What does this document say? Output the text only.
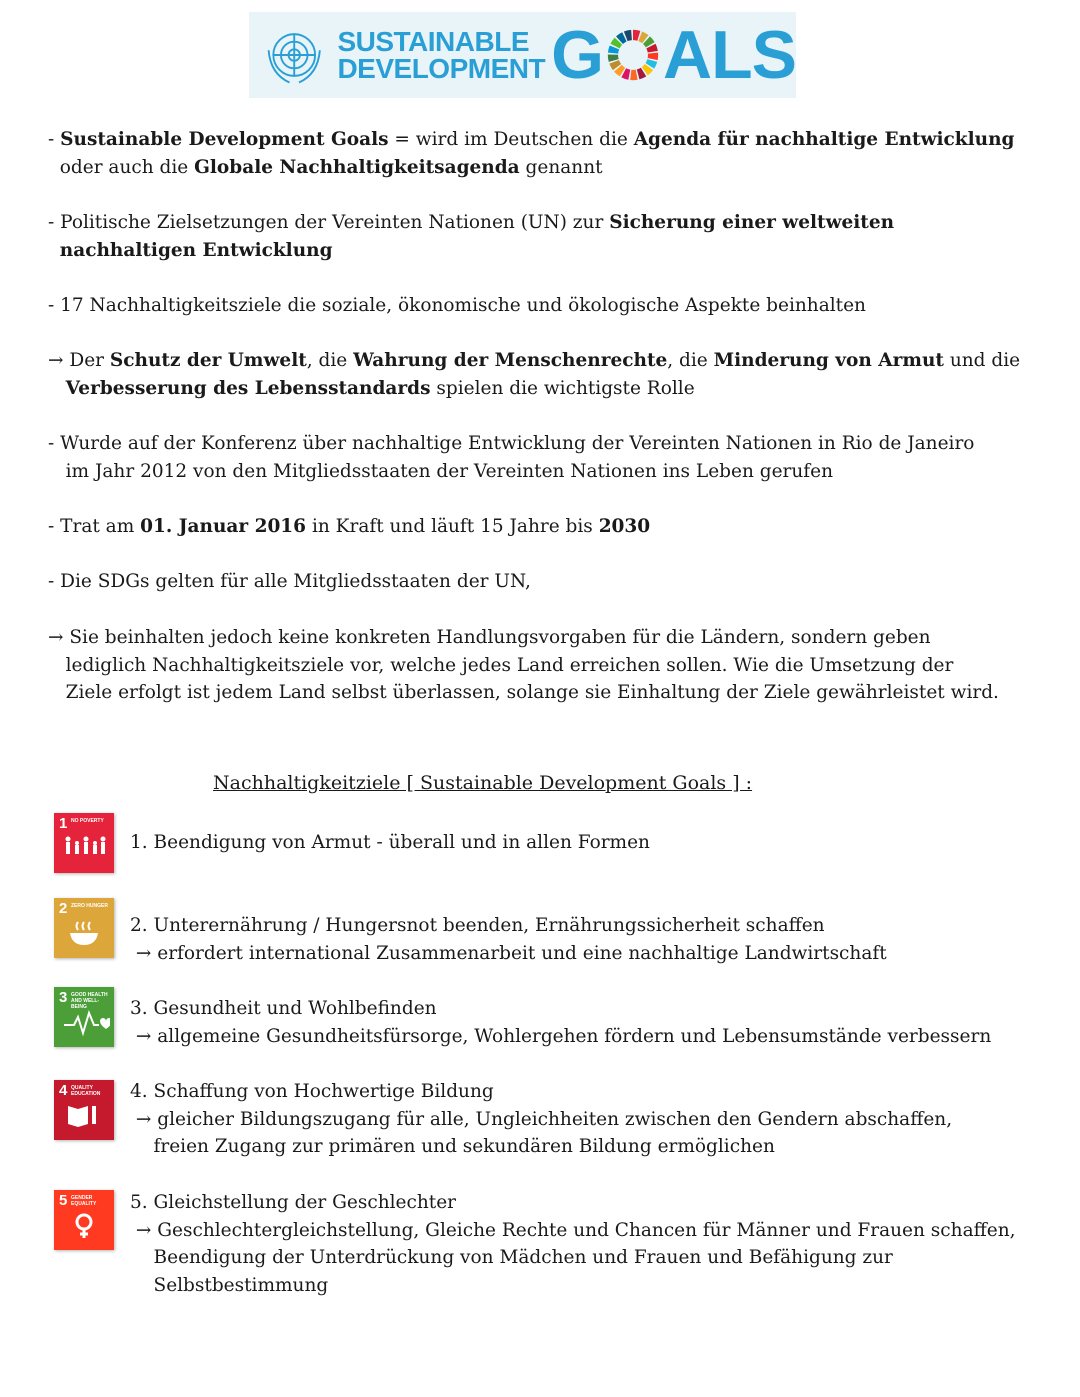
SUSTAINABLE
DEVELOPMENT G ALS
- Sustainable Development Goals = wird im Deutschen die Agenda für nachhaltige Entwicklung
oder auch die Globale Nachhaltigkeitsagenda genannt
- Politische Zielsetzungen der Vereinten Nationen (UN) zur Sicherung einer weltweiten
nachhaltigen Entwicklung
- 17 Nachhaltigkeitsziele die soziale, ökonomische und ökologische Aspekte beinhalten
→ Der Schutz der Umwelt, die Wahrung der Menschenrechte, die Minderung von Armut und die
Verbesserung des Lebensstandards spielen die wichtigste Rolle
- Wurde auf der Konferenz über nachhaltige Entwicklung der Vereinten Nationen in Rio de Janeiro
im Jahr 2012 von den Mitgliedsstaaten der Vereinten Nationen ins Leben gerufen
- Trat am 01. Januar 2016 in Kraft und läuft 15 Jahre bis 2030
- Die SDGs gelten für alle Mitgliedsstaaten der UN,
→ Sie beinhalten jedoch keine konkreten Handlungsvorgaben für die Ländern, sondern geben
lediglich Nachhaltigkeitsziele vor, welche jedes Land erreichen sollen. Wie die Umsetzung der
Ziele erfolgt ist jedem Land selbst überlassen, solange sie Einhaltung der Ziele gewährleistet wird.
Nachhaltigkeitziele [ Sustainable Development Goals ] :
1 NO POVERTY
1. Beendigung von Armut - überall und in allen Formen
2 ZERO HUNGER
2. Unterernährung / Hungersnot beenden, Ernährungssicherheit schaffen
→ erfordert international Zusammenarbeit und eine nachhaltige Landwirtschaft
3 GOOD HEALTH AND WELL-BEING	3. Gesundheit und Wohlbefinden
→ allgemeine Gesundheitsfürsorge, Wohlergehen fördern und Lebensumstände verbessern
4 QUALITY EDUCATION	4. Schaffung von Hochwertige Bildung
→ gleicher Bildungszugang für alle, Ungleichheiten zwischen den Gendern abschaffen,
freien Zugang zur primären und sekundären Bildung ermöglichen
5 GENDER EQUALITY	5. Gleichstellung der Geschlechter
→ Geschlechtergleichstellung, Gleiche Rechte und Chancen für Männer und Frauen schaffen,
Beendigung der Unterdrückung von Mädchen und Frauen und Befähigung zur
Selbstbestimmung
